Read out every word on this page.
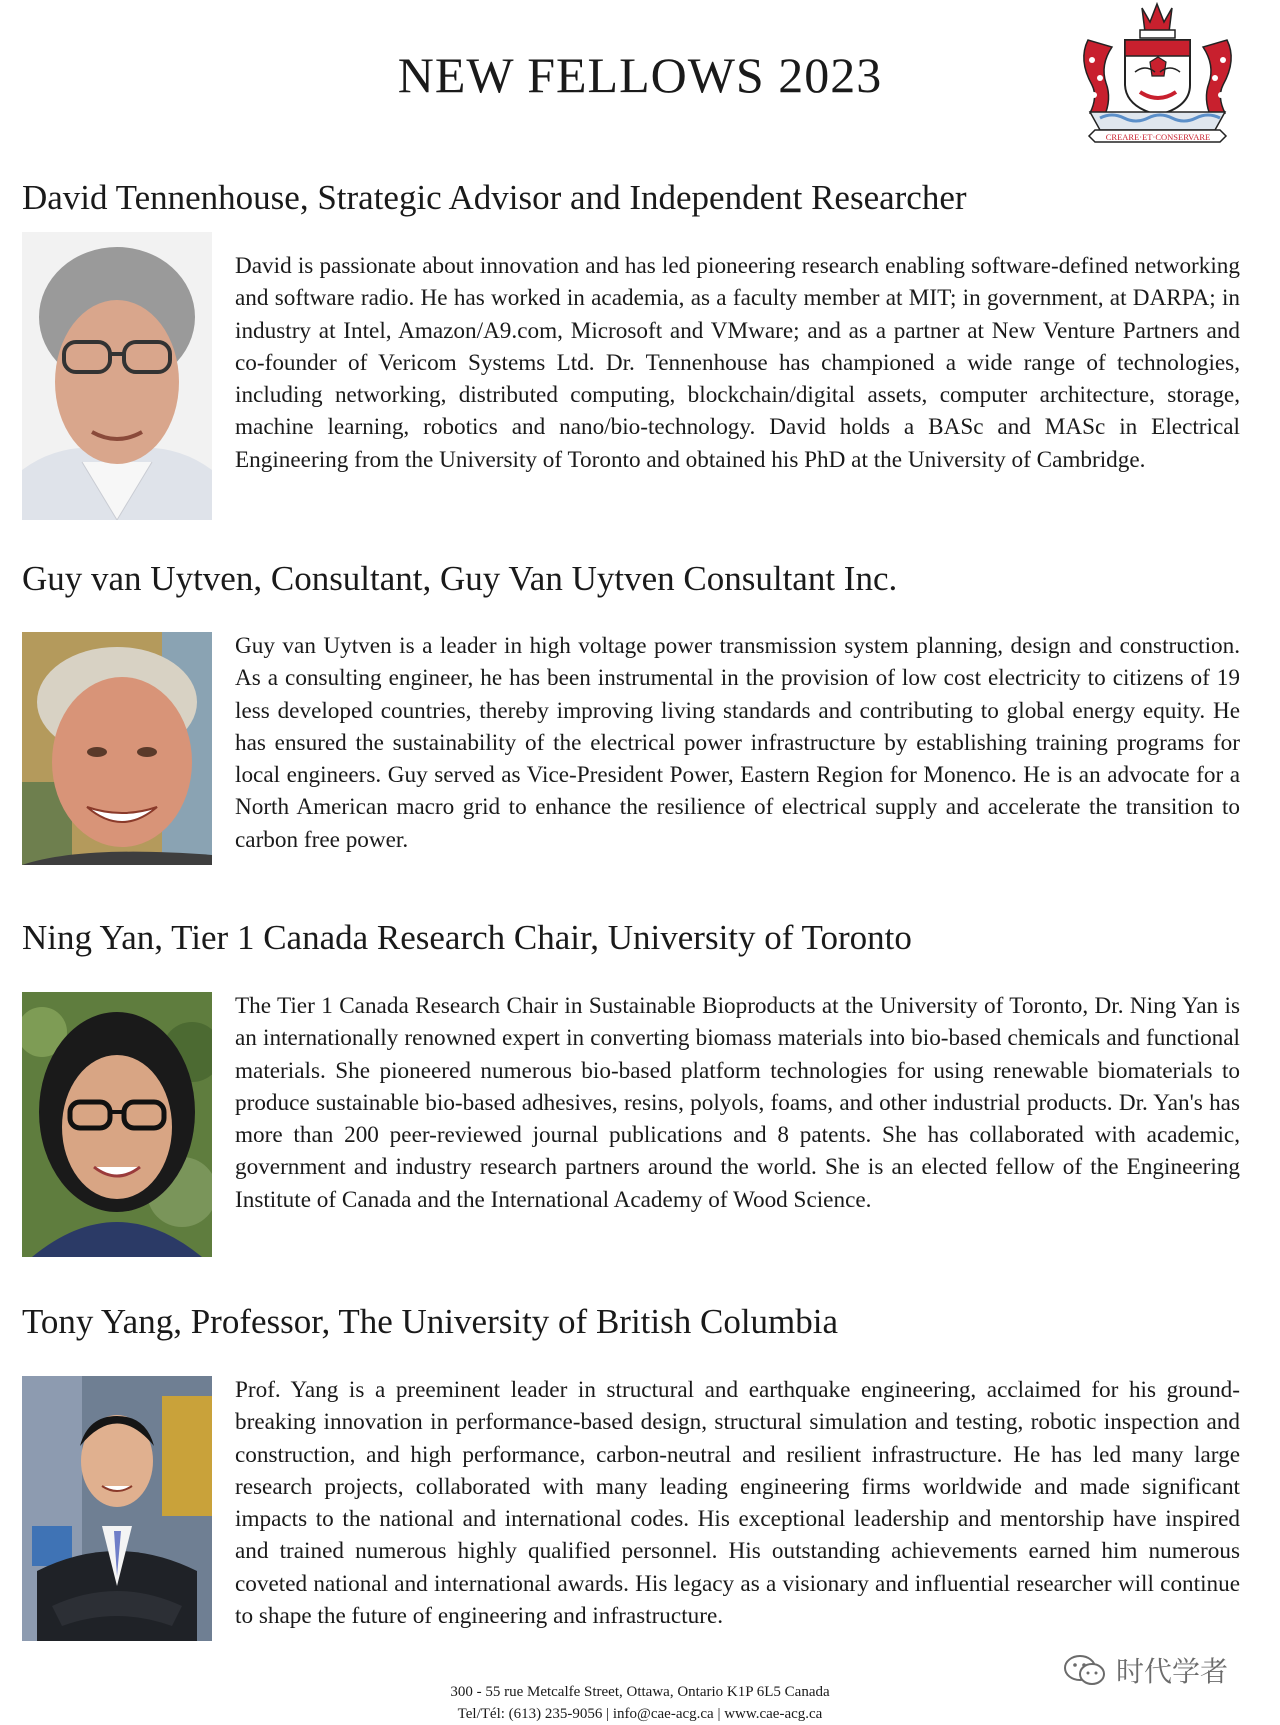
NEW FELLOWS 2023
CREARE·ET·CONSERVARE
David Tennenhouse, Strategic Advisor and Independent Researcher

David is passionate about innovation and has led pioneering research enabling software-defined networking and software radio. He has worked in academia, as a faculty member at MIT; in government, at DARPA; in industry at Intel, Amazon/A9.com, Microsoft and VMware; and as a partner at New Venture Partners and co-founder of Vericom Systems Ltd. Dr. Tennenhouse has championed a wide range of technologies, including networking, distributed computing, blockchain/digital assets, computer architecture, storage, machine learning, robotics and nano/bio-technology. David holds a BASc and MASc in Electrical Engineering from the University of Toronto and obtained his PhD at the University of Cambridge.

Guy van Uytven, Consultant, Guy Van Uytven Consultant Inc.

Guy van Uytven is a leader in high voltage power transmission system planning, design and construction. As a consulting engineer, he has been instrumental in the provision of low cost electricity to citizens of 19 less developed countries, thereby improving living standards and contributing to global energy equity. He has ensured the sustainability of the electrical power infrastructure by establishing training programs for local engineers. Guy served as Vice-President Power, Eastern Region for Monenco. He is an advocate for a North American macro grid to enhance the resilience of electrical supply and accelerate the transition to carbon free power.

Ning Yan, Tier 1 Canada Research Chair, University of Toronto

The Tier 1 Canada Research Chair in Sustainable Bioproducts at the University of Toronto, Dr. Ning Yan is an internationally renowned expert in converting biomass materials into bio-based chemicals and functional materials. She pioneered numerous bio-based platform technologies for using renewable biomaterials to produce sustainable bio-based adhesives, resins, polyols, foams, and other industrial products. Dr. Yan's has more than 200 peer-reviewed journal publications and 8 patents. She has collaborated with academic, government and industry research partners around the world. She is an elected fellow of the Engineering Institute of Canada and the International Academy of Wood Science.

Tony Yang, Professor, The University of British Columbia

Prof. Yang is a preeminent leader in structural and earthquake engineering, acclaimed for his ground-breaking innovation in performance-based design, structural simulation and testing, robotic inspection and construction, and high performance, carbon-neutral and resilient infrastructure. He has led many large research projects, collaborated with many leading engineering firms worldwide and made significant impacts to the national and international codes. His exceptional leadership and mentorship have inspired and trained numerous highly qualified personnel. His outstanding achievements earned him numerous coveted national and international awards. His legacy as a visionary and influential researcher will continue to shape the future of engineering and infrastructure.

300 - 55 rue Metcalfe Street, Ottawa, Ontario K1P 6L5 Canada
Tel/Tél: (613) 235-9056 | info@cae-acg.ca | www.cae-acg.ca
时代学者
